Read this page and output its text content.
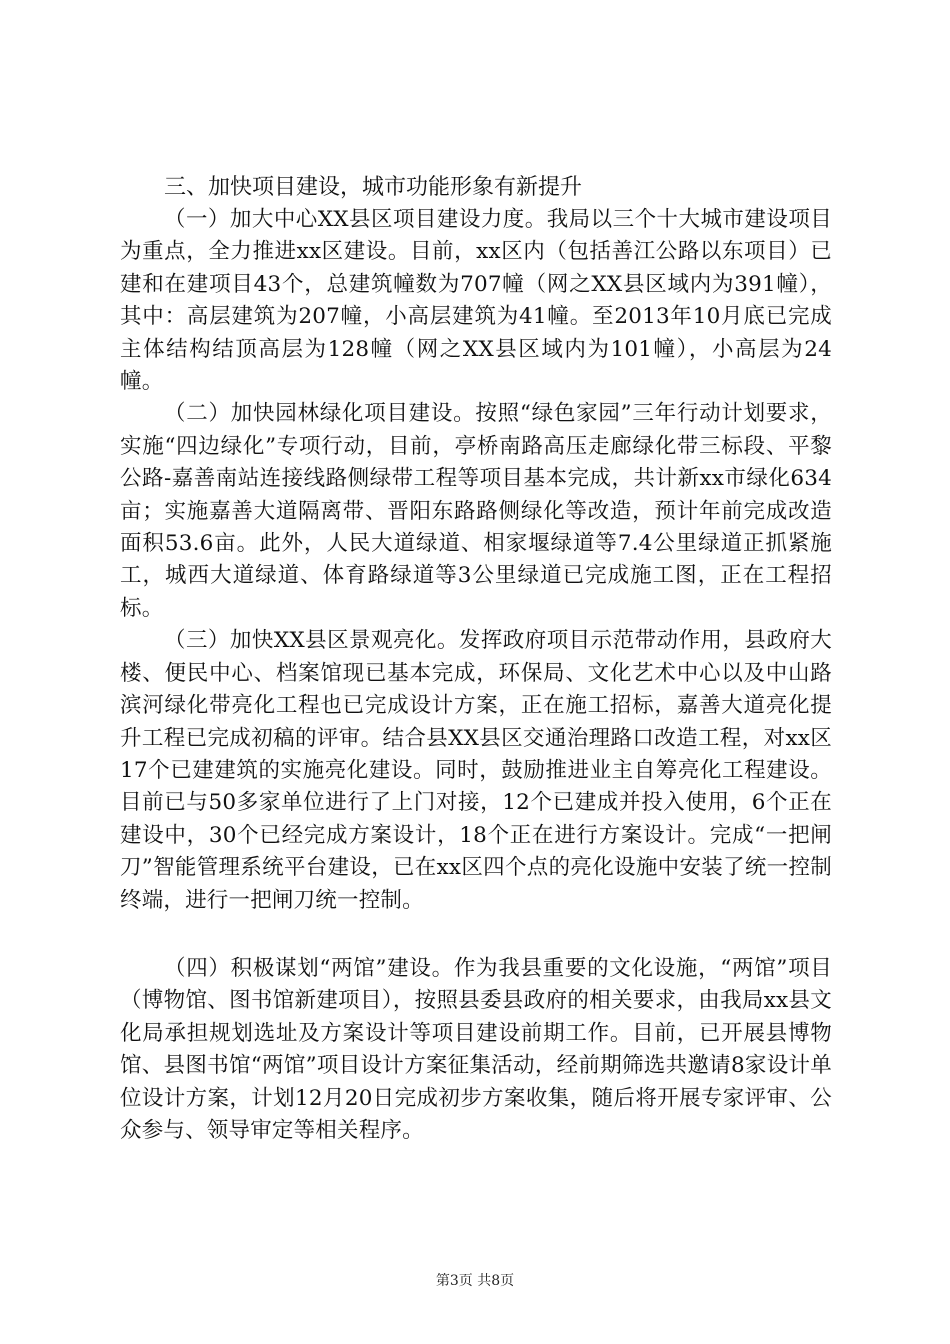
三、加快项目建设，城市功能形象有新提升

（一）加大中心XX县区项目建设力度。我局以三个十大城市建设项目为重点，全力推进xx区建设。目前，xx区内（包括善江公路以东项目）已建和在建项目43个，总建筑幢数为707幢（网之XX县区域内为391幢），其中：高层建筑为207幢，小高层建筑为41幢。至2013年10月底已完成主体结构结顶高层为128幢（网之XX县区域内为101幢），小高层为24幢。

（二）加快园林绿化项目建设。按照“绿色家园”三年行动计划要求，实施“四边绿化”专项行动，目前，亭桥南路高压走廊绿化带三标段、平黎公路-嘉善南站连接线路侧绿带工程等项目基本完成，共计新xx市绿化634亩；实施嘉善大道隔离带、晋阳东路路侧绿化等改造，预计年前完成改造面积53.6亩。此外，人民大道绿道、相家堰绿道等7.4公里绿道正抓紧施工，城西大道绿道、体育路绿道等3公里绿道已完成施工图，正在工程招标。

（三）加快XX县区景观亮化。发挥政府项目示范带动作用，县政府大楼、便民中心、档案馆现已基本完成，环保局、文化艺术中心以及中山路滨河绿化带亮化工程也已完成设计方案，正在施工招标，嘉善大道亮化提升工程已完成初稿的评审。结合县XX县区交通治理路口改造工程，对xx区17个已建建筑的实施亮化建设。同时，鼓励推进业主自筹亮化工程建设。目前已与50多家单位进行了上门对接，12个已建成并投入使用，6个正在建设中，30个已经完成方案设计，18个正在进行方案设计。完成“一把闸刀”智能管理系统平台建设，已在xx区四个点的亮化设施中安装了统一控制终端，进行一把闸刀统一控制。

（四）积极谋划“两馆”建设。作为我县重要的文化设施，“两馆”项目（博物馆、图书馆新建项目），按照县委县政府的相关要求，由我局xx县文化局承担规划选址及方案设计等项目建设前期工作。目前，已开展县博物馆、县图书馆“两馆”项目设计方案征集活动，经前期筛选共邀请8家设计单位设计方案，计划12月20日完成初步方案收集，随后将开展专家评审、公众参与、领导审定等相关程序。

第3页 共8页
